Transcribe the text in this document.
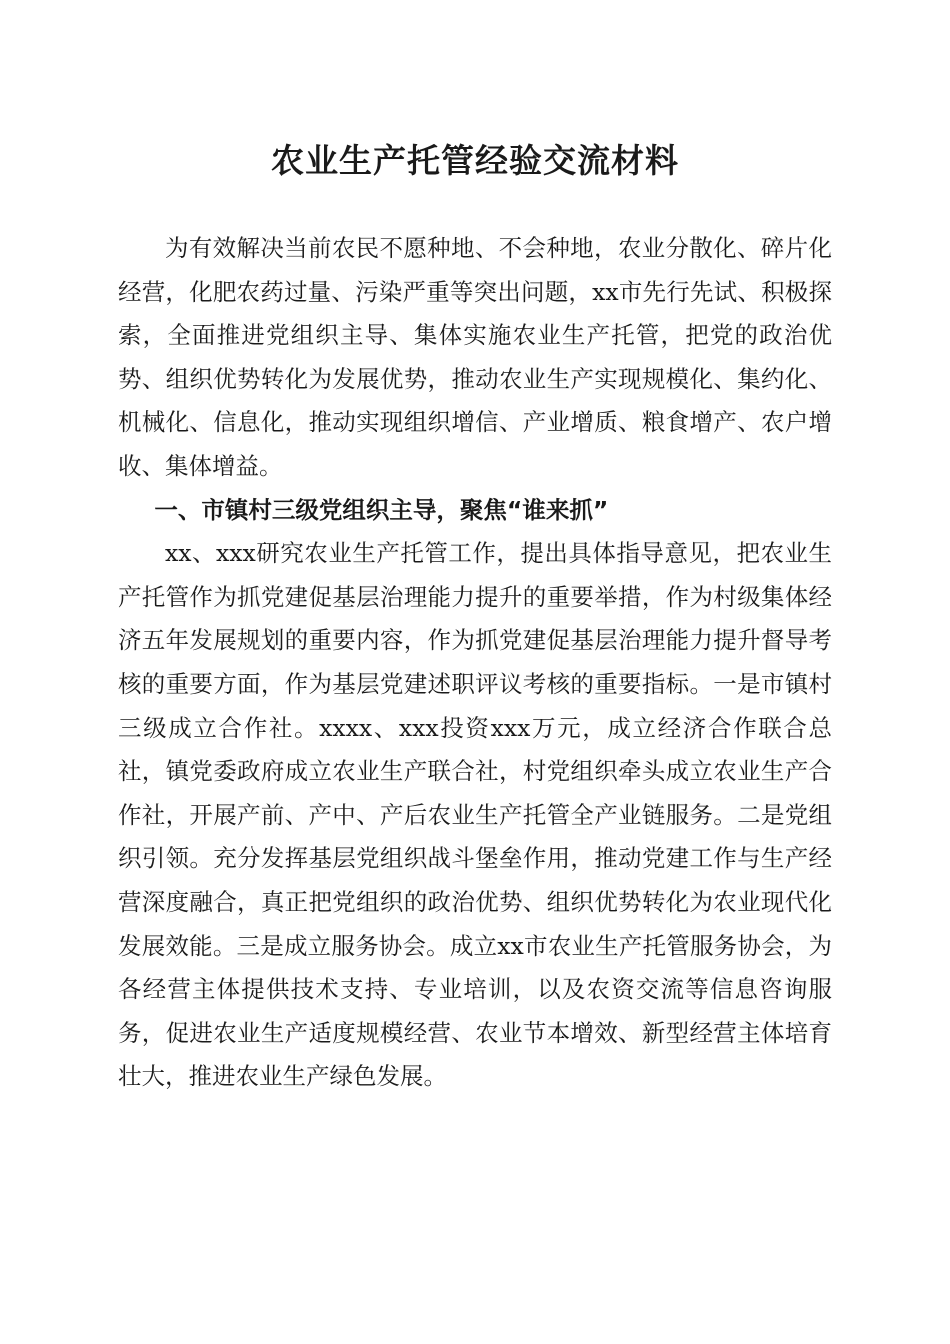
农业生产托管经验交流材料

为有效解决当前农民不愿种地、不会种地，农业分散化、碎片化经营，化肥农药过量、污染严重等突出问题，xx市先行先试、积极探索，全面推进党组织主导、集体实施农业生产托管，把党的政治优势、组织优势转化为发展优势，推动农业生产实现规模化、集约化、机械化、信息化，推动实现组织增信、产业增质、粮食增产、农户增收、集体增益。

一、市镇村三级党组织主导，聚焦“谁来抓”

xx、xxx研究农业生产托管工作，提出具体指导意见，把农业生产托管作为抓党建促基层治理能力提升的重要举措，作为村级集体经济五年发展规划的重要内容，作为抓党建促基层治理能力提升督导考核的重要方面，作为基层党建述职评议考核的重要指标。一是市镇村三级成立合作社。xxxx、xxx投资xxx万元，成立经济合作联合总社，镇党委政府成立农业生产联合社，村党组织牵头成立农业生产合作社，开展产前、产中、产后农业生产托管全产业链服务。二是党组织引领。充分发挥基层党组织战斗堡垒作用，推动党建工作与生产经营深度融合，真正把党组织的政治优势、组织优势转化为农业现代化发展效能。三是成立服务协会。成立xx市农业生产托管服务协会，为各经营主体提供技术支持、专业培训，以及农资交流等信息咨询服务，促进农业生产适度规模经营、农业节本增效、新型经营主体培育壮大，推进农业生产绿色发展。
